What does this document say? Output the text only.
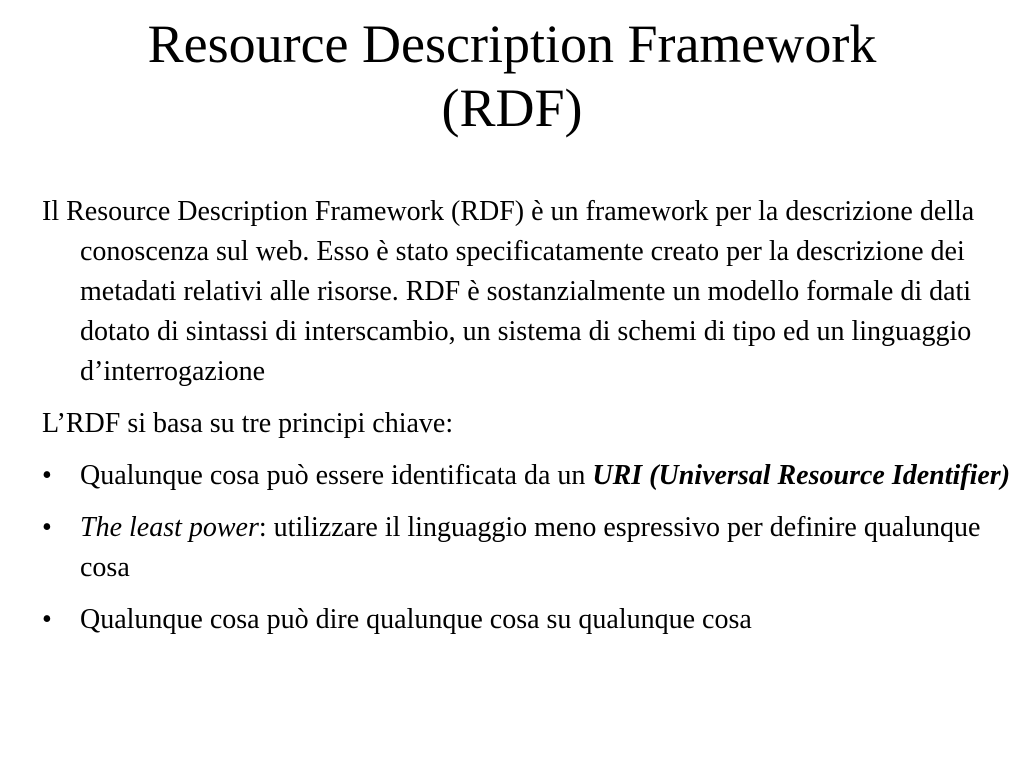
Resource Description Framework
(RDF)

Il Resource Description Framework (RDF) è un framework per la descrizione della conoscenza sul web. Esso è stato specificatamente creato per la descrizione dei metadati relativi alle risorse. RDF è sostanzialmente un modello formale di dati dotato di sintassi di interscambio, un sistema di schemi di tipo ed un linguaggio d’interrogazione

L’RDF si basa su tre principi chiave:

•	Qualunque cosa può essere identificata da un URI (Universal Resource Identifier)
•	The least power: utilizzare il linguaggio meno espressivo per definire qualunque cosa
•	Qualunque cosa può dire qualunque cosa su qualunque cosa
